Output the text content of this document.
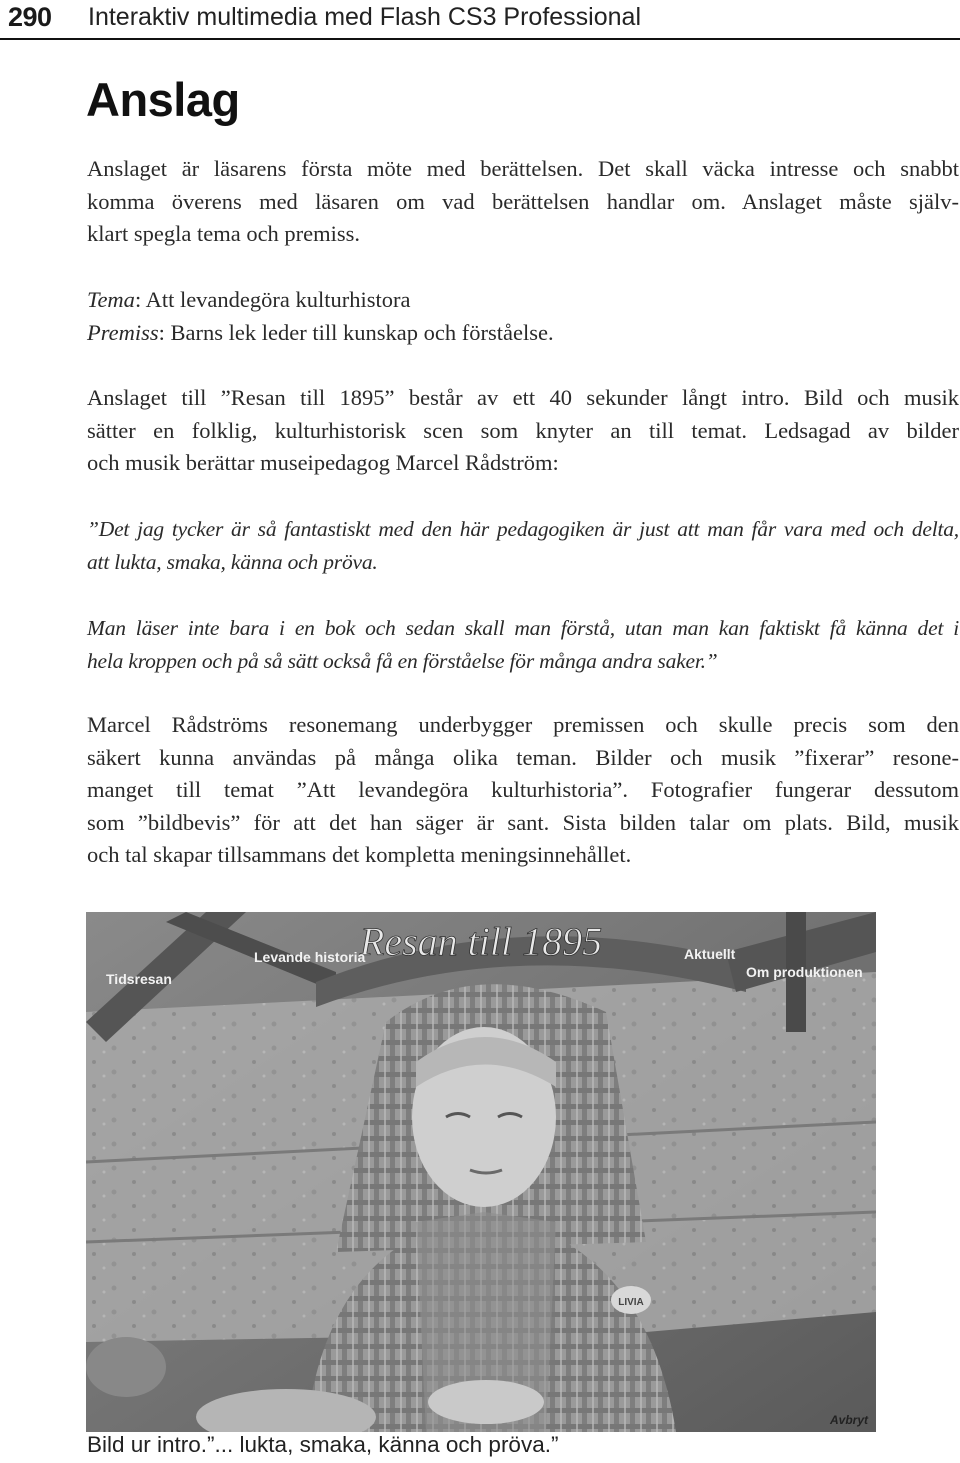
290 Interaktiv multimedia med Flash CS3 Professional
Anslag

Anslaget är läsarens första möte med berättelsen. Det skall väcka intresse och snabbt
komma överens med läsaren om vad berättelsen handlar om. Anslaget måste själv-
klart spegla tema och premiss.

Tema: Att levandegöra kulturhistora
Premiss: Barns lek leder till kunskap och förståelse.

Anslaget till ”Resan till 1895” består av ett 40 sekunder långt intro. Bild och musik
sätter en folklig, kulturhistorisk scen som knyter an till temat. Ledsagad av bilder
och musik berättar museipedagog Marcel Rådström:

”Det jag tycker är så fantastiskt med den här pedagogiken är just att man får vara med och delta,
att lukta, smaka, känna och pröva.

Man läser inte bara i en bok och sedan skall man förstå, utan man kan faktiskt få känna det i
hela kroppen och på så sätt också få en förståelse för många andra saker.”

Marcel Rådströms resonemang underbygger premissen och skulle precis som den
säkert kunna användas på många olika teman. Bilder och musik ”fixerar” resone-
manget till temat ”Att levandegöra kulturhistoria”. Fotografier fungerar dessutom
som ”bildbevis” för att det han säger är sant. Sista bilden talar om plats. Bild, musik
och tal skapar tillsammans det kompletta meningsinnehållet.

LIVIA
Resan till 1895
Tidsresan
Levande historia	Aktuellt
Om produktionen
Avbryt
Bild ur intro.”... lukta, smaka, känna och pröva.”
